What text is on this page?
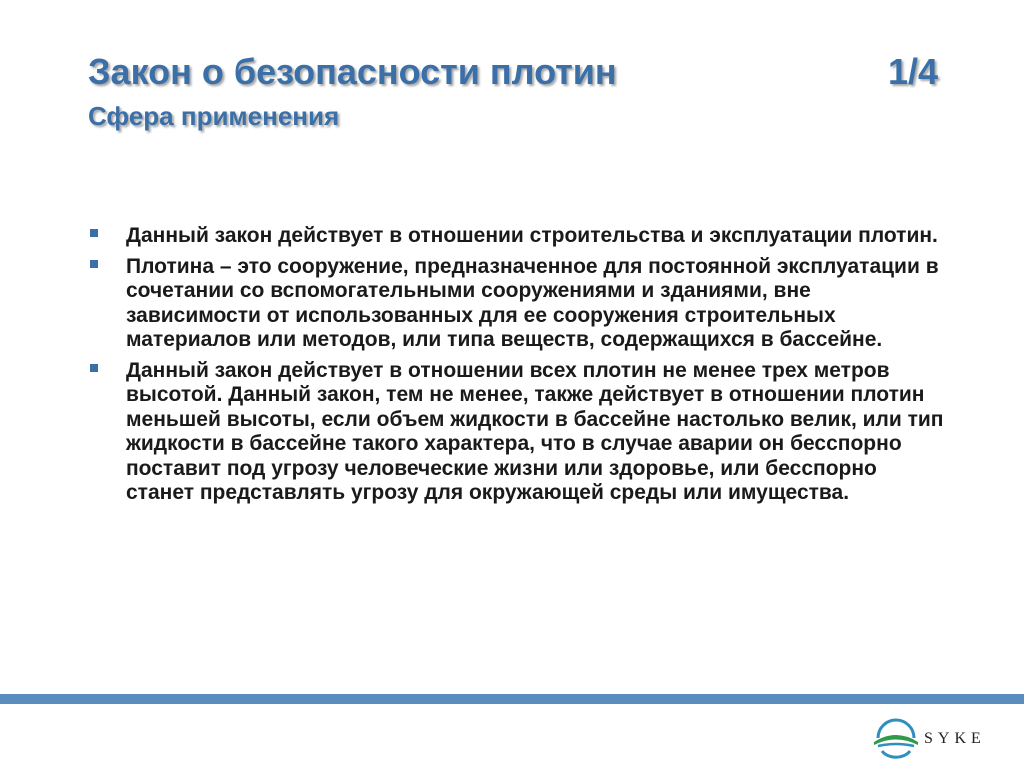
Закон о безопасности плотин	1/4
Сфера применения
Данный закон действует в отношении строительства и эксплуатации плотин.
Плотина – это сооружение, предназначенное для постоянной эксплуатации в сочетании со вспомогательными сооружениями и зданиями, вне зависимости от использованных для ее сооружения строительных материалов или методов, или типа веществ, содержащихся в бассейне.
Данный закон действует в отношении всех плотин не менее трех метров высотой. Данный закон, тем не менее, также действует в отношении плотин меньшей высоты, если объем жидкости в бассейне настолько велик, или тип жидкости в бассейне такого характера, что в случае аварии он бесспорно поставит под угрозу человеческие жизни или здоровье, или бесспорно станет представлять угрозу для окружающей среды или имущества.
SYKE
